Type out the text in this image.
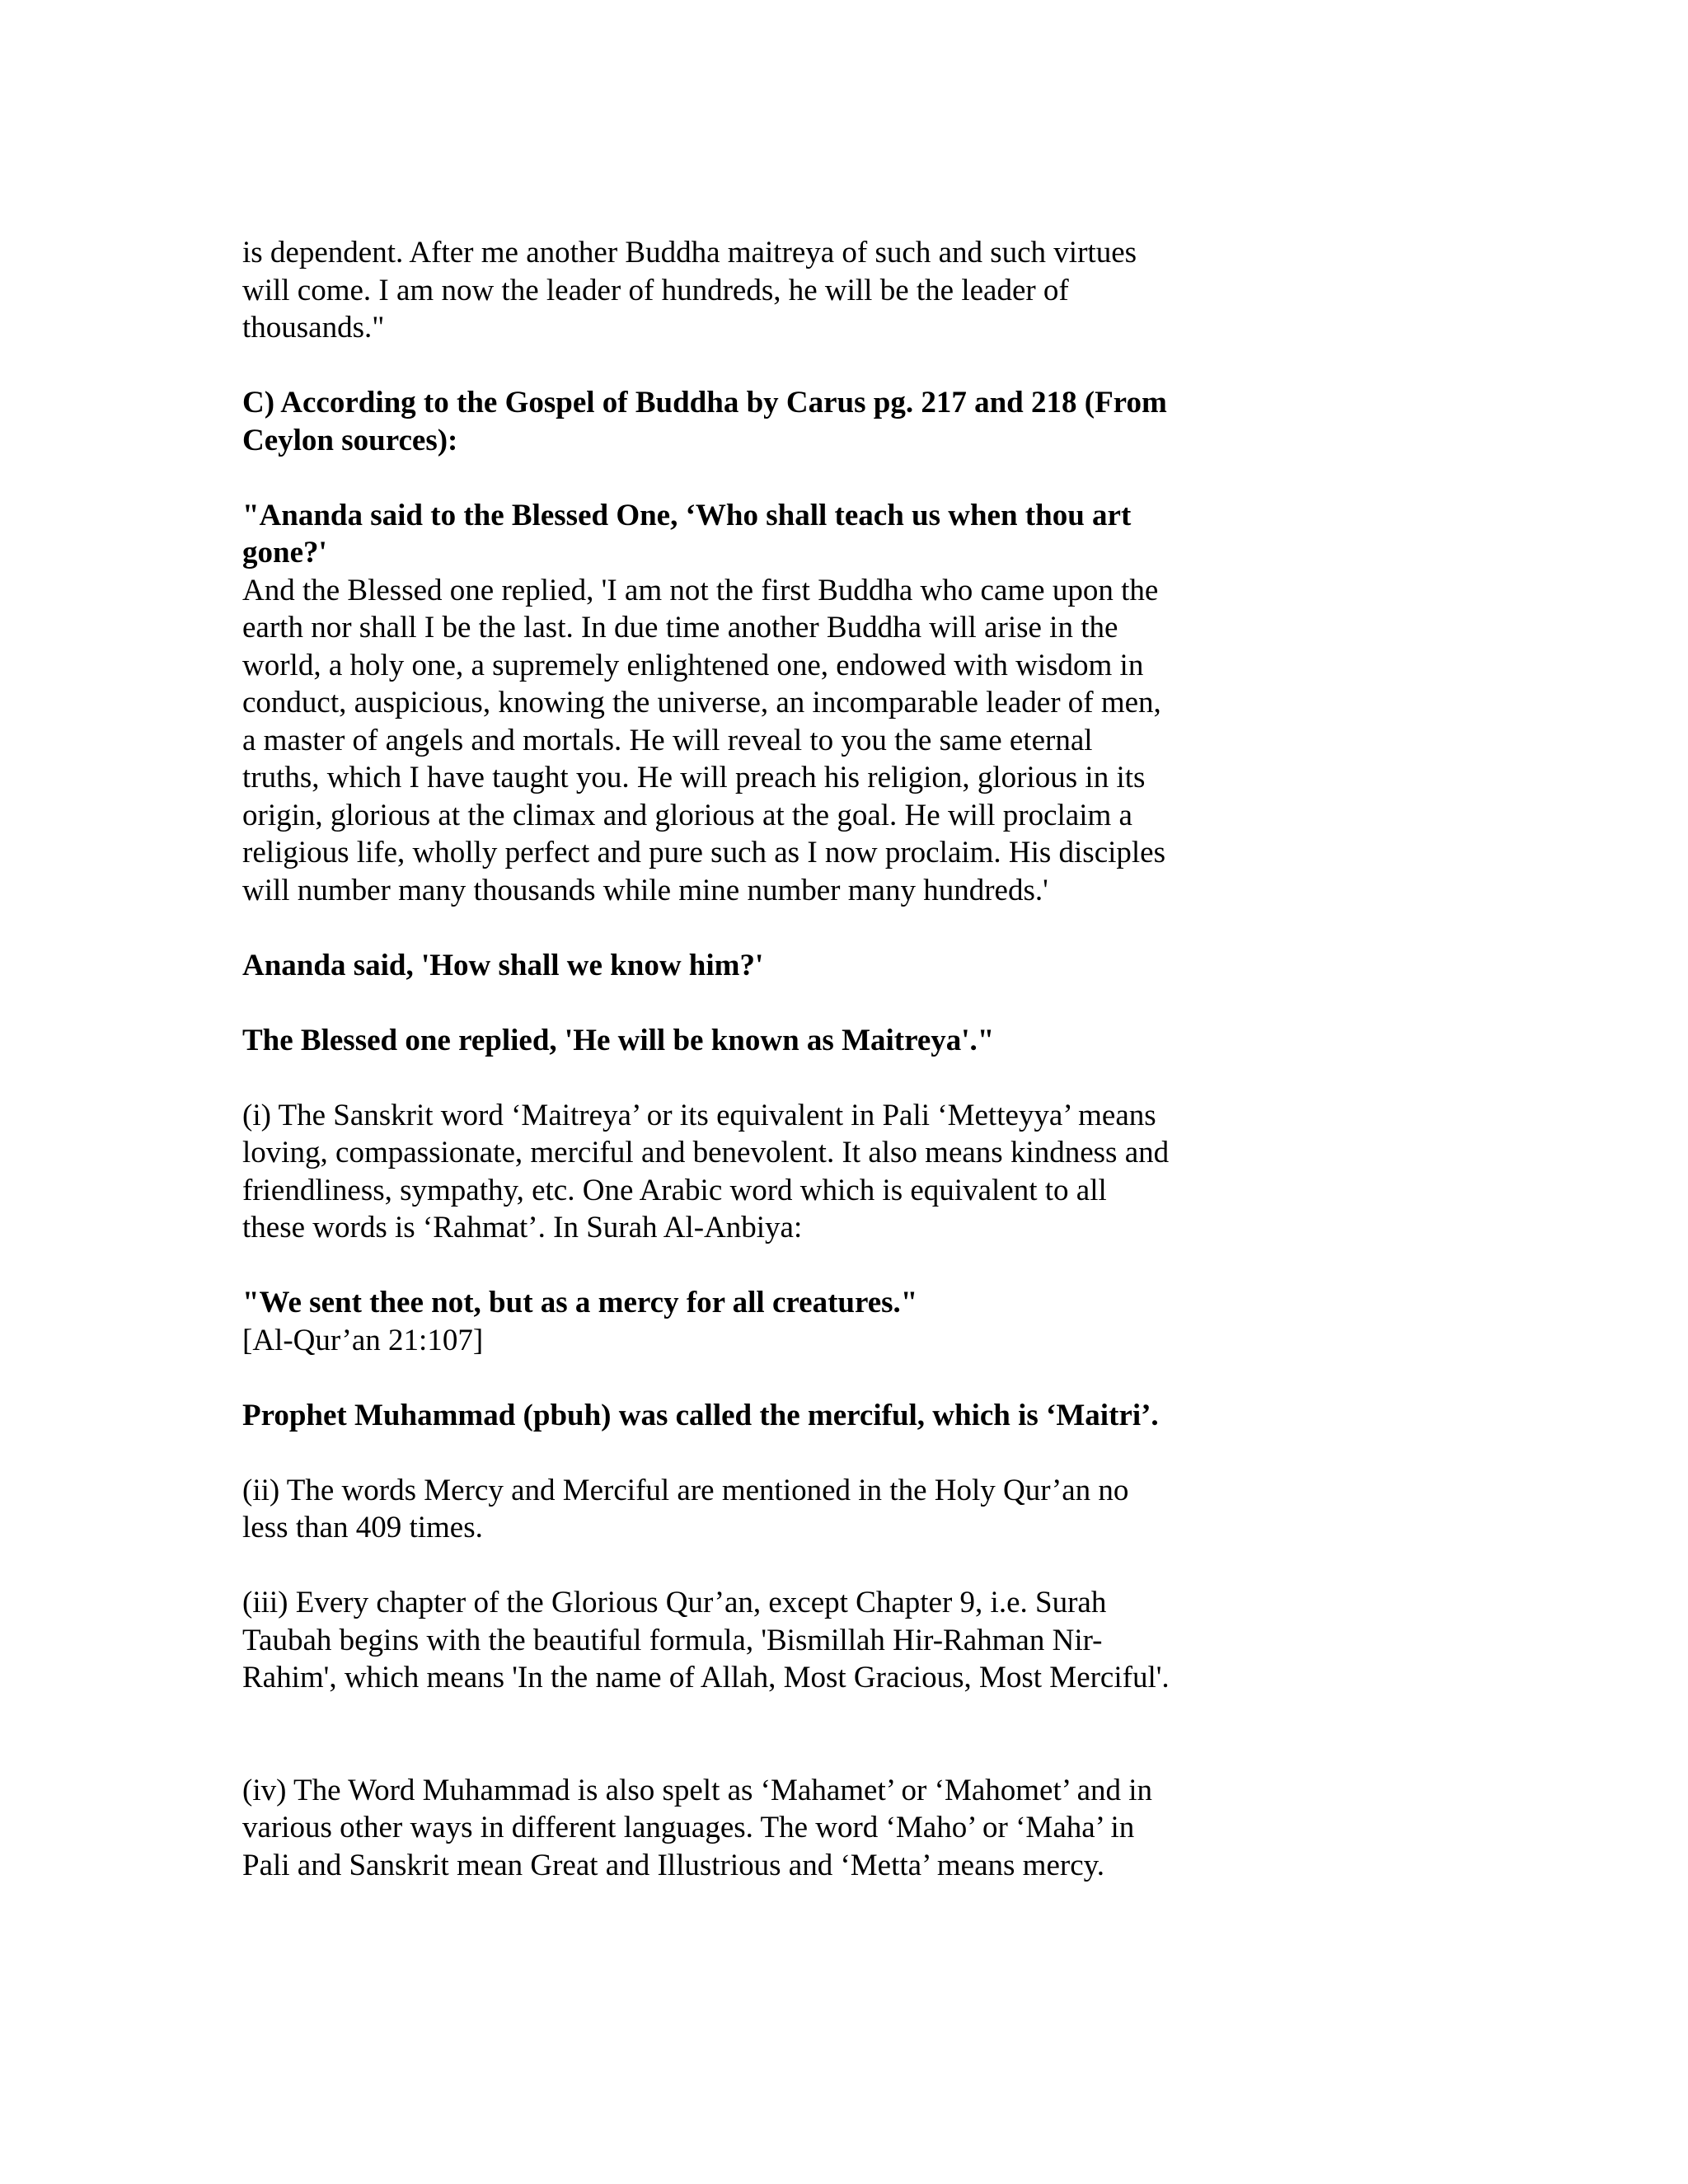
is dependent. After me another Buddha maitreya of such and such virtues
will come. I am now the leader of hundreds, he will be the leader of
thousands."

C) According to the Gospel of Buddha by Carus pg. 217 and 218 (From
Ceylon sources):

"Ananda said to the Blessed One, ‘Who shall teach us when thou art
gone?'

And the Blessed one replied, 'I am not the first Buddha who came upon the
earth nor shall I be the last. In due time another Buddha will arise in the
world, a holy one, a supremely enlightened one, endowed with wisdom in
conduct, auspicious, knowing the universe, an incomparable leader of men,
a master of angels and mortals. He will reveal to you the same eternal
truths, which I have taught you. He will preach his religion, glorious in its
origin, glorious at the climax and glorious at the goal. He will proclaim a
religious life, wholly perfect and pure such as I now proclaim. His disciples
will number many thousands while mine number many hundreds.'

Ananda said, 'How shall we know him?'

The Blessed one replied, 'He will be known as Maitreya'."

(i) The Sanskrit word ‘Maitreya’ or its equivalent in Pali ‘Metteyya’ means
loving, compassionate, merciful and benevolent. It also means kindness and
friendliness, sympathy, etc. One Arabic word which is equivalent to all
these words is ‘Rahmat’. In Surah Al-Anbiya:

"We sent thee not, but as a mercy for all creatures."

[Al-Qur’an 21:107]

Prophet Muhammad (pbuh) was called the merciful, which is ‘Maitri’.

(ii) The words Mercy and Merciful are mentioned in the Holy Qur’an no
less than 409 times.

(iii) Every chapter of the Glorious Qur’an, except Chapter 9, i.e. Surah
Taubah begins with the beautiful formula, 'Bismillah Hir-Rahman Nir-
Rahim', which means 'In the name of Allah, Most Gracious, Most Merciful'.

(iv) The Word Muhammad is also spelt as ‘Mahamet’ or ‘Mahomet’ and in
various other ways in different languages. The word ‘Maho’ or ‘Maha’ in
Pali and Sanskrit mean Great and Illustrious and ‘Metta’ means mercy.
